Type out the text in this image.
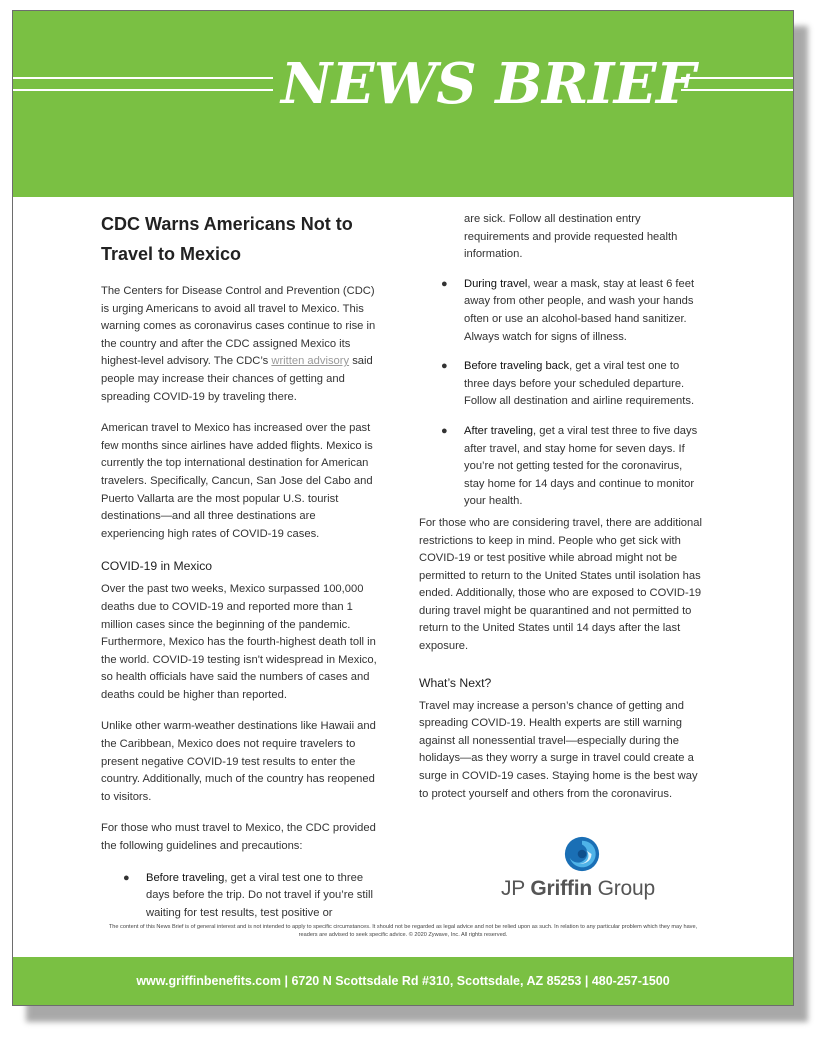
NEWS BRIEF
CDC Warns Americans Not to Travel to Mexico

The Centers for Disease Control and Prevention (CDC) is urging Americans to avoid all travel to Mexico. This warning comes as coronavirus cases continue to rise in the country and after the CDC assigned Mexico its highest-level advisory. The CDC’s written advisory said people may increase their chances of getting and spreading COVID-19 by traveling there.

American travel to Mexico has increased over the past few months since airlines have added flights. Mexico is currently the top international destination for American travelers. Specifically, Cancun, San Jose del Cabo and Puerto Vallarta are the most popular U.S. tourist destinations—and all three destinations are experiencing high rates of COVID-19 cases.

COVID-19 in Mexico

Over the past two weeks, Mexico surpassed 100,000 deaths due to COVID-19 and reported more than 1 million cases since the beginning of the pandemic. Furthermore, Mexico has the fourth-highest death toll in the world. COVID-19 testing isn't widespread in Mexico, so health officials have said the numbers of cases and deaths could be higher than reported.

Unlike other warm-weather destinations like Hawaii and the Caribbean, Mexico does not require travelers to present negative COVID-19 test results to enter the country. Additionally, much of the country has reopened to visitors.

For those who must travel to Mexico, the CDC provided the following guidelines and precautions:

● Before traveling, get a viral test one to three days before the trip. Do not travel if you’re still waiting for test results, test positive or
are sick. Follow all destination entry requirements and provide requested health information.
● During travel, wear a mask, stay at least 6 feet away from other people, and wash your hands often or use an alcohol-based hand sanitizer. Always watch for signs of illness.
● Before traveling back, get a viral test one to three days before your scheduled departure. Follow all destination and airline requirements.
● After traveling, get a viral test three to five days after travel, and stay home for seven days. If you’re not getting tested for the coronavirus, stay home for 14 days and continue to monitor your health.

For those who are considering travel, there are additional restrictions to keep in mind. People who get sick with COVID-19 or test positive while abroad might not be permitted to return to the United States until isolation has ended. Additionally, those who are exposed to COVID-19 during travel might be quarantined and not permitted to return to the United States until 14 days after the last exposure.

What’s Next?

Travel may increase a person’s chance of getting and spreading COVID-19. Health experts are still warning against all nonessential travel—especially during the holidays—as they worry a surge in travel could create a surge in COVID-19 cases. Staying home is the best way to protect yourself and others from the coronavirus.

JP Griffin Group
The content of this News Brief is of general interest and is not intended to apply to specific circumstances. It should not be regarded as legal advice and not be relied upon as such. In relation to any particular problem which they may have, readers are advised to seek specific advice. © 2020 Zywave, Inc. All rights reserved.
www.griffinbenefits.com | 6720 N Scottsdale Rd #310, Scottsdale, AZ 85253 | 480-257-1500
